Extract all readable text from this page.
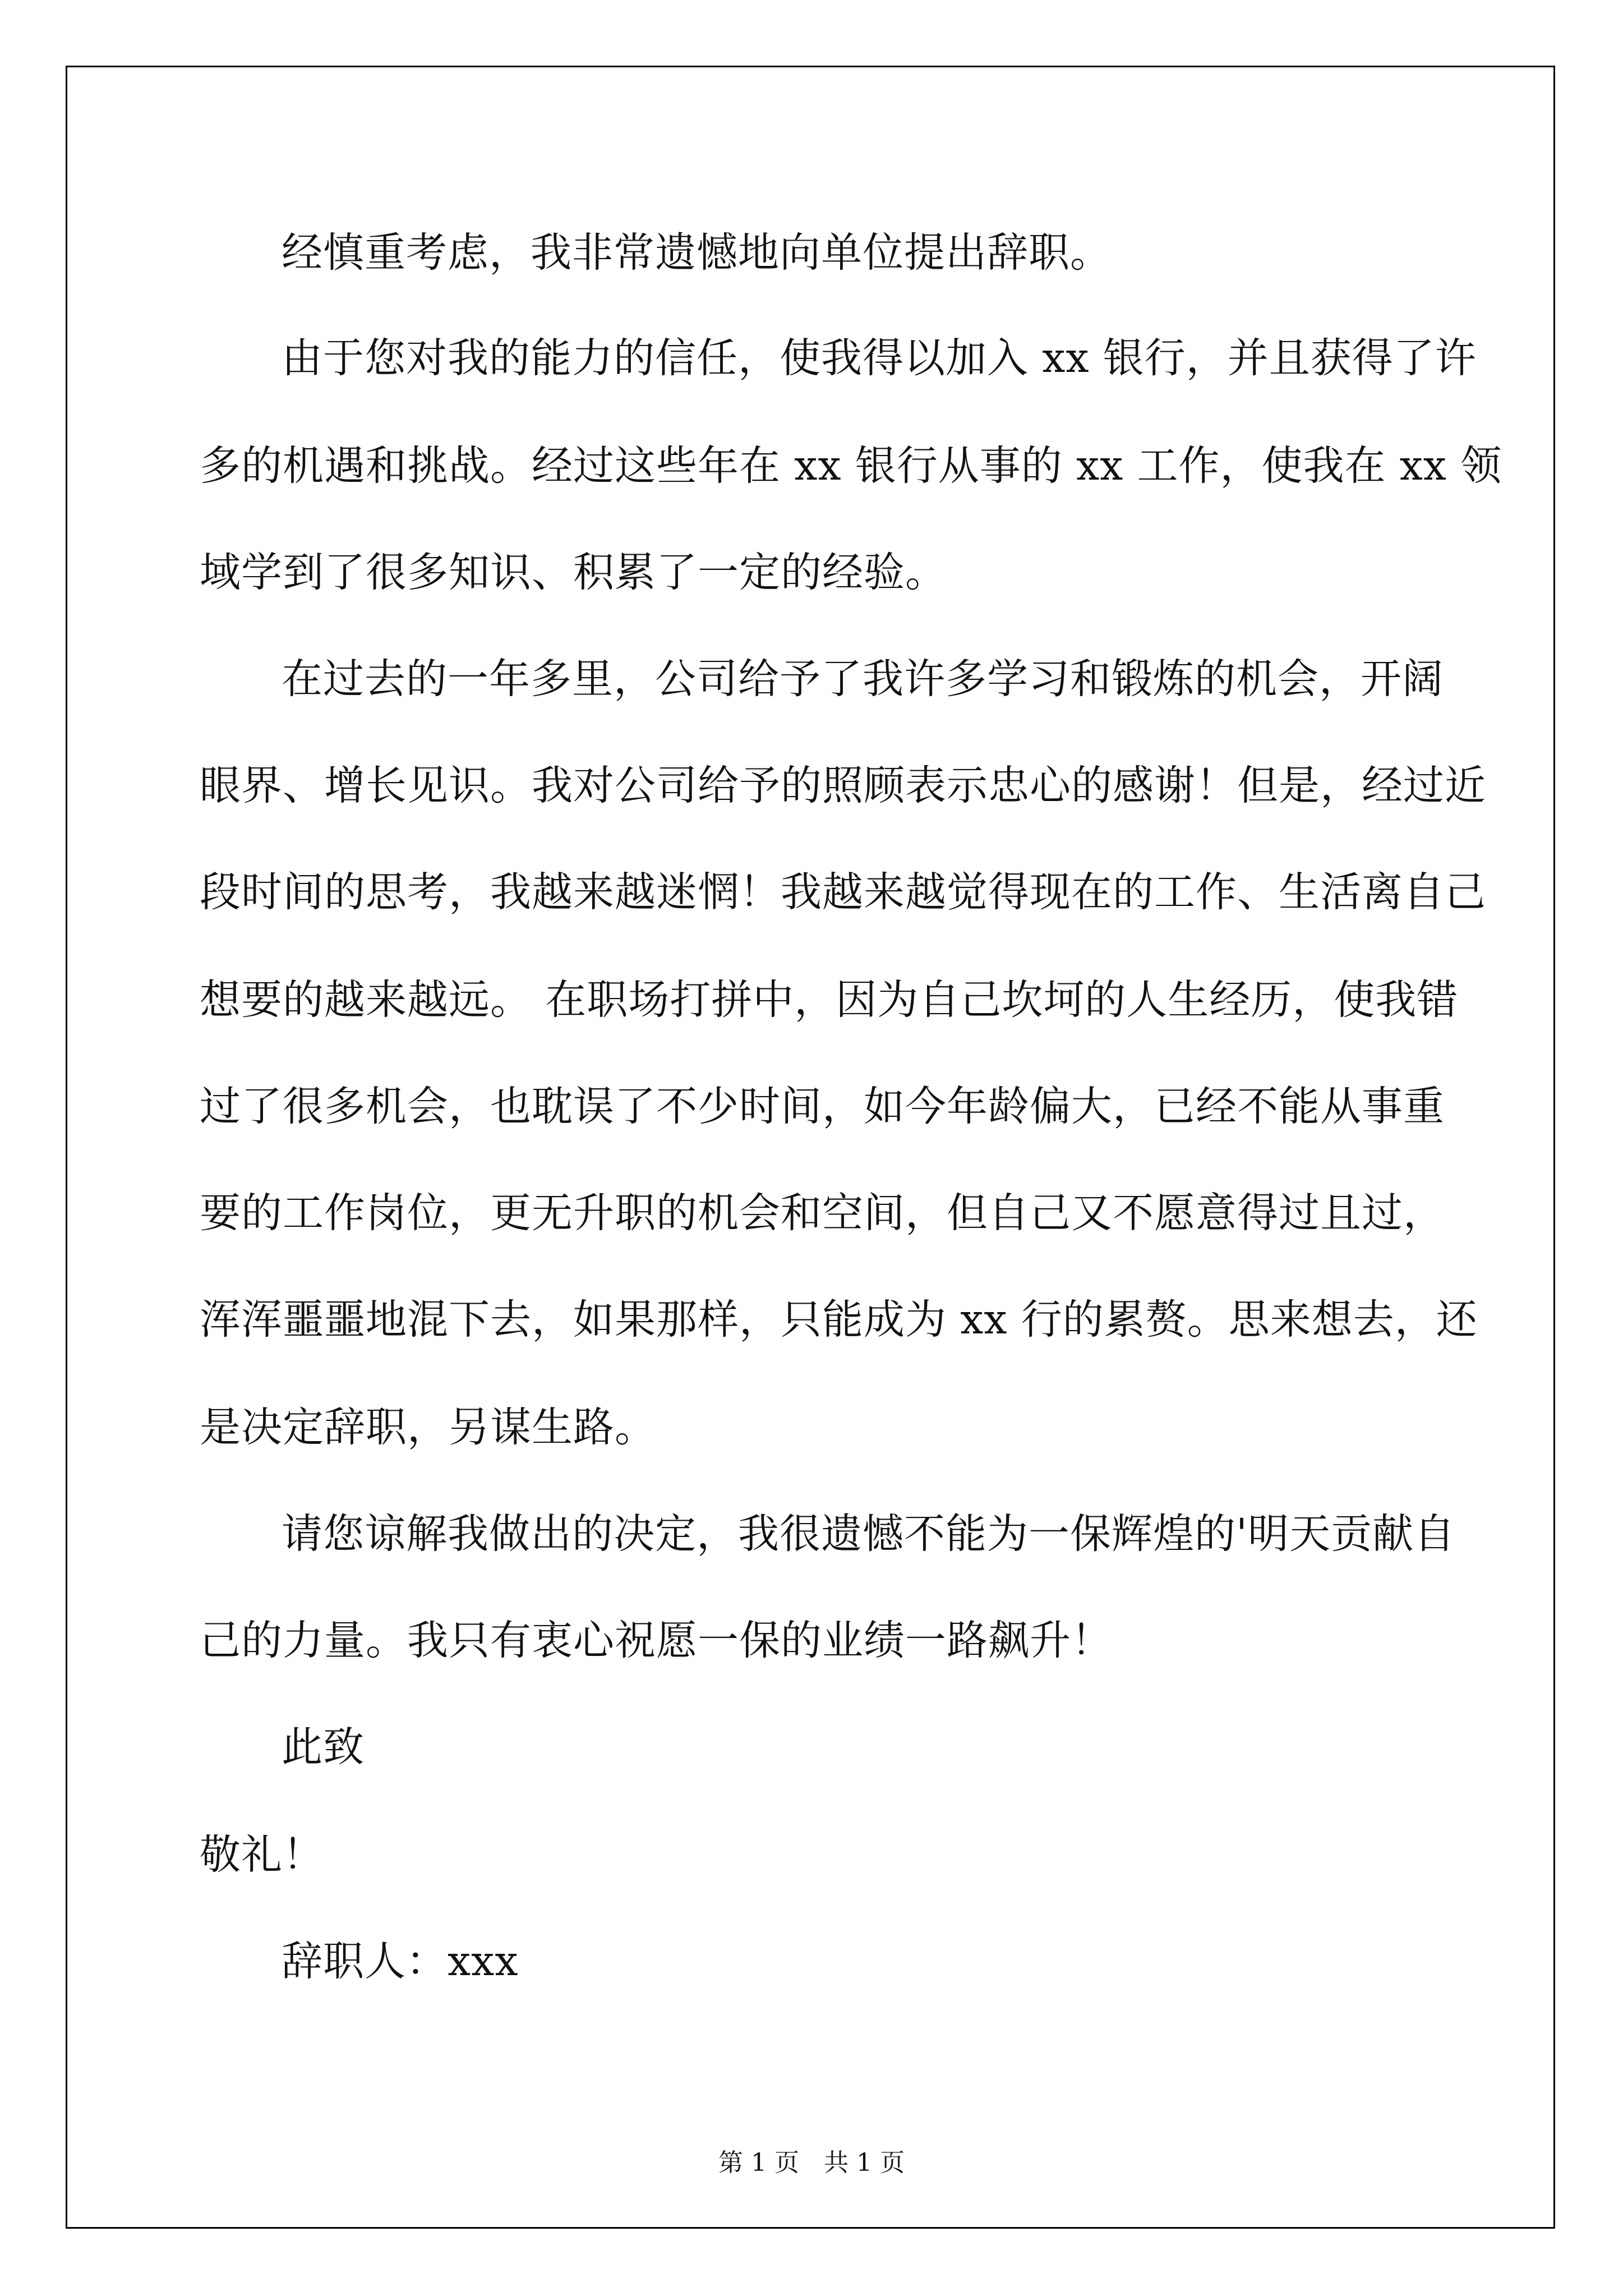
经慎重考虑，我非常遗憾地向单位提出辞职。

由于您对我的能力的信任，使我得以加入 xx 银行，并且获得了许

多的机遇和挑战。经过这些年在 xx 银行从事的 xx 工作，使我在 xx 领

域学到了很多知识、积累了一定的经验。

在过去的一年多里，公司给予了我许多学习和锻炼的机会，开阔

眼界、增长见识。我对公司给予的照顾表示忠心的感谢！但是，经过近

段时间的思考，我越来越迷惘！我越来越觉得现在的工作、生活离自己

想要的越来越远。 在职场打拼中，因为自己坎坷的人生经历，使我错

过了很多机会，也耽误了不少时间，如今年龄偏大，已经不能从事重

要的工作岗位，更无升职的机会和空间，但自己又不愿意得过且过，

浑浑噩噩地混下去，如果那样，只能成为 xx 行的累赘。思来想去，还

是决定辞职，另谋生路。

请您谅解我做出的决定，我很遗憾不能为一保辉煌的'明天贡献自

己的力量。我只有衷心祝愿一保的业绩一路飙升！

此致

敬礼！

辞职人：xxx

第 1 页　共 1 页
